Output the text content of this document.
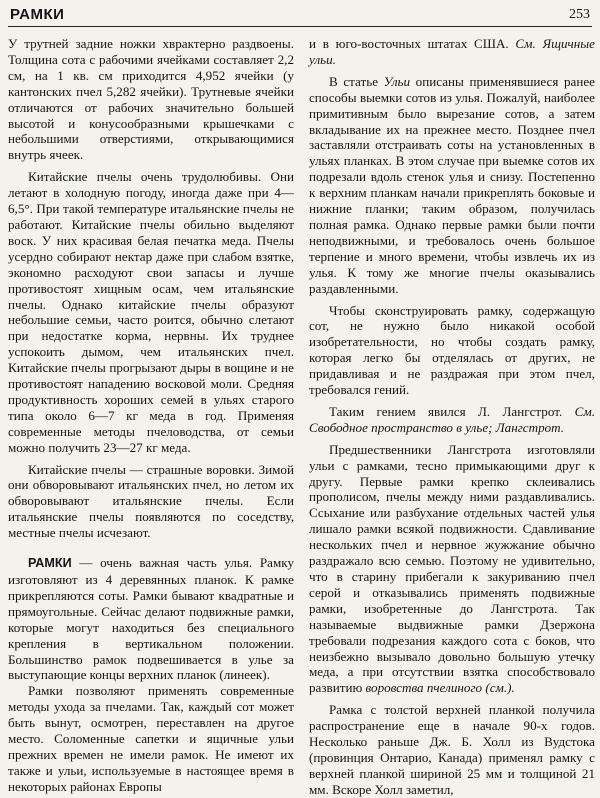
РАМКИ	253

У трутней задние ножки хврактерно раздвоены. Толщина сота с рабочими ячейками составляет 2,2 см, на 1 кв. см приходится 4,952 ячейки (у кантонских пчел 5,282 ячейки). Трутневые ячейки отличаются от рабочих значительно большей высотой и конусообразными крышечками с небольшими отверстиями, открывающимися внутрь ячеек.

Китайские пчелы очень трудолюбивы. Они летают в холодную погоду, иногда даже при 4—6,5°. При такой температуре итальянские пчелы не работают. Китайские пчелы обильно выделяют воск. У них красивая белая печатка меда. Пчелы усердно собирают нектар даже при слабом взятке, экономно расходуют свои запасы и лучше противостоят хищным осам, чем итальянские пчелы. Однако китайские пчелы образуют небольшие семьи, часто роится, обычно слетают при недостатке корма, нервны. Их труднее успокоить дымом, чем итальянских пчел. Китайские пчелы прогрызают дыры в вощине и не противостоят нападению восковой моли. Средняя продуктивность хороших семей в ульях старого типа около 6—7 кг меда в год. Применяя современные методы пчеловодства, от семьи можно получить 23—27 кг меда.

Китайские пчелы — страшные воровки. Зимой они обворовывают итальянских пчел, но летом их обворовывают итальянские пчелы. Если итальянские пчелы появляются по соседству, местные пчелы исчезают.

РАМКИ — очень важная часть улья. Рамку изготовляют из 4 деревянных планок. К рамке прикрепляются соты. Рамки бывают квадратные и прямоугольные. Сейчас делают подвижные рамки, которые могут находиться без специального крепления в вертикальном положении. Большинство рамок подвешивается в улье за выступающие концы верхних планок (линеек).

Рамки позволяют применять современные методы ухода за пчелами. Так, каждый сот может быть вынут, осмотрен, переставлен на другое место. Соломенные сапетки и ящичные ульи прежних времен не имели рамок. Не имеют их также и ульи, используемые в настоящее время в некоторых районах Европы

и в юго-восточных штатах США. См. Ящичные ульи.

В статье Ульи описаны применявшиеся ранее способы выемки сотов из улья. Пожалуй, наиболее примитивным было вырезание сотов, а затем вкладывание их на прежнее место. Позднее пчел заставляли отстраивать соты на установленных в ульях планках. В этом случае при выемке сотов их подрезали вдоль стенок улья и снизу. Постепенно к верхним планкам начали прикреплять боковые и нижние планки; таким образом, получилась полная рамка. Однако первые рамки были почти неподвижными, и требовалось очень большое терпение и много времени, чтобы извлечь их из улья. К тому же многие пчелы оказывались раздавленными.

Чтобы сконструировать рамку, содержащую сот, не нужно было никакой особой изобретательности, но чтобы создать рамку, которая легко бы отделялась от других, не придавливая и не раздражая при этом пчел, требовался гений.

Таким гением явился Л. Лангстрот. См. Свободное пространство в улье; Лангстрот.

Предшественники Лангстрота изготовляли ульи с рамками, тесно примыкающими друг к другу. Первые рамки крепко склеивались прополисом, пчелы между ними раздавливались. Ссыхание или разбухание отдельных частей улья лишало рамки всякой подвижности. Сдавливание нескольких пчел и нервное жужжание обычно раздражало всю семью. Поэтому не удивительно, что в старину прибегали к закуриванию пчел серой и отказывались применять подвижные рамки, изобретенные до Лангстрота. Так называемые выдвижные рамки Дзержона требовали подрезания каждого сота с боков, что неизбежно вызывало довольно большую утечку меда, а при отсутствии взятка способствовало развитию воровства пчелиного (см.).

Рамка с толстой верхней планкой получила распространение еще в начале 90-х годов. Несколько раньше Дж. Б. Холл из Вудстока (провинция Онтарио, Канада) применял рамку с верхней планкой шириной 25 мм и толщиной 21 мм. Вскоре Холл заметил,
